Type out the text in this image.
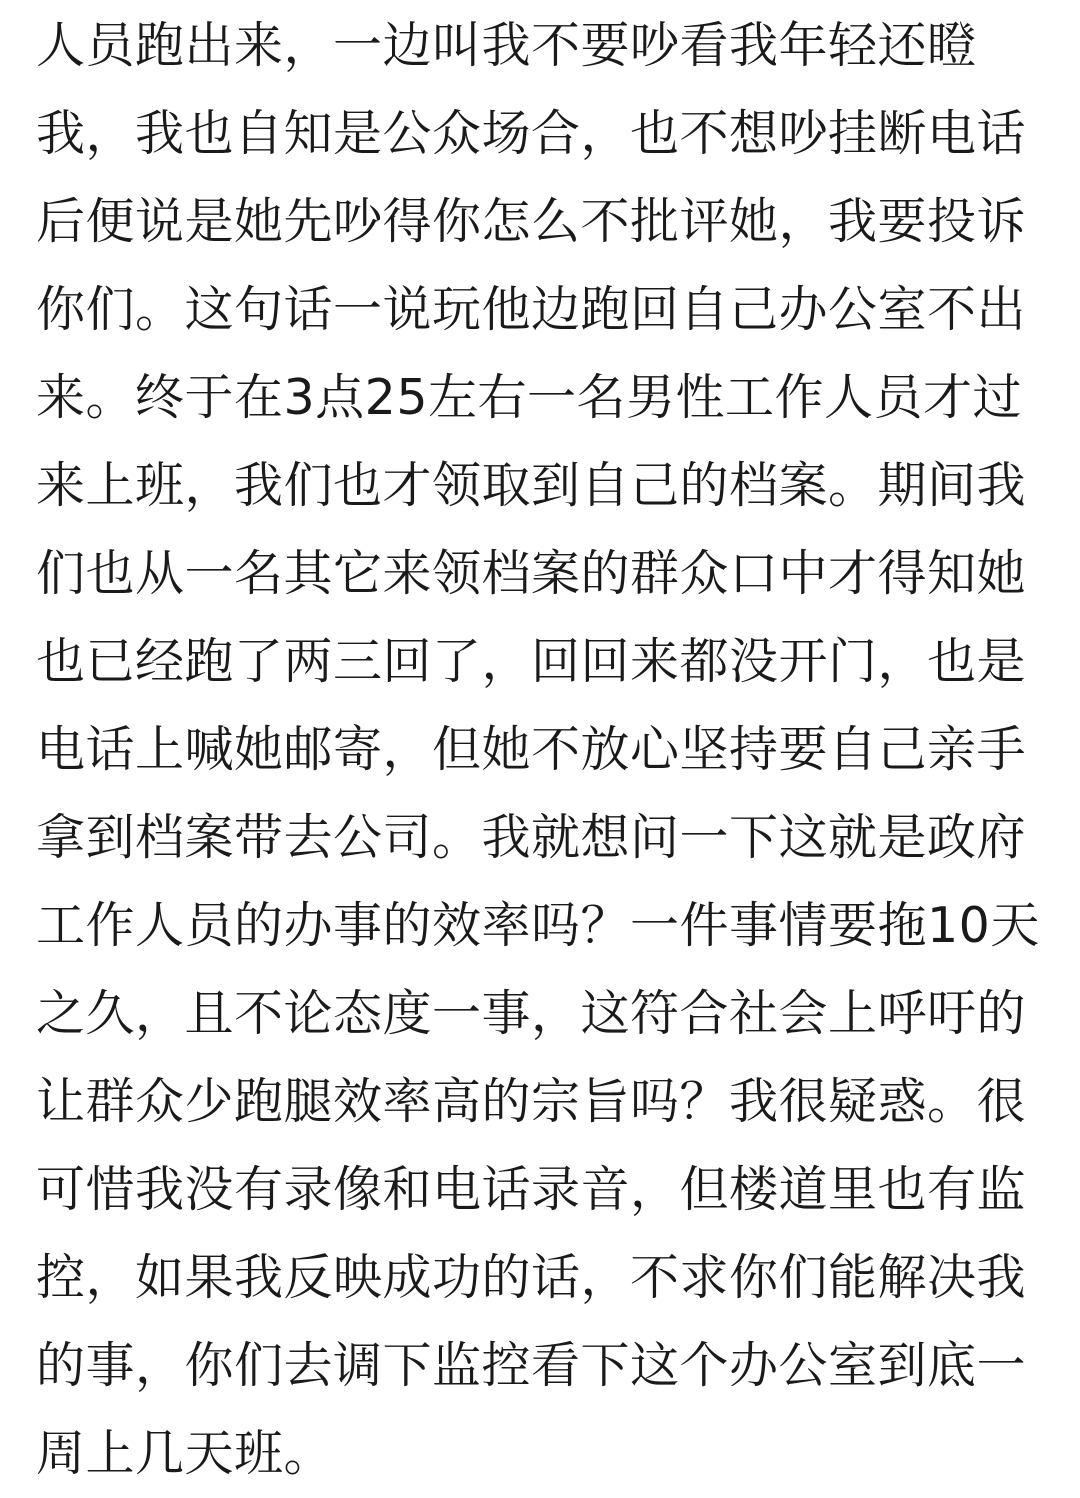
人员跑出来，一边叫我不要吵看我年轻还瞪
我，我也自知是公众场合，也不想吵挂断电话
后便说是她先吵得你怎么不批评她，我要投诉
你们。这句话一说玩他边跑回自己办公室不出
来。终于在3点25左右一名男性工作人员才过
来上班，我们也才领取到自己的档案。期间我
们也从一名其它来领档案的群众口中才得知她
也已经跑了两三回了，回回来都没开门，也是
电话上喊她邮寄，但她不放心坚持要自己亲手
拿到档案带去公司。我就想问一下这就是政府
工作人员的办事的效率吗？一件事情要拖10天
之久，且不论态度一事，这符合社会上呼吁的
让群众少跑腿效率高的宗旨吗？我很疑惑。很
可惜我没有录像和电话录音，但楼道里也有监
控，如果我反映成功的话，不求你们能解决我
的事，你们去调下监控看下这个办公室到底一
周上几天班。
